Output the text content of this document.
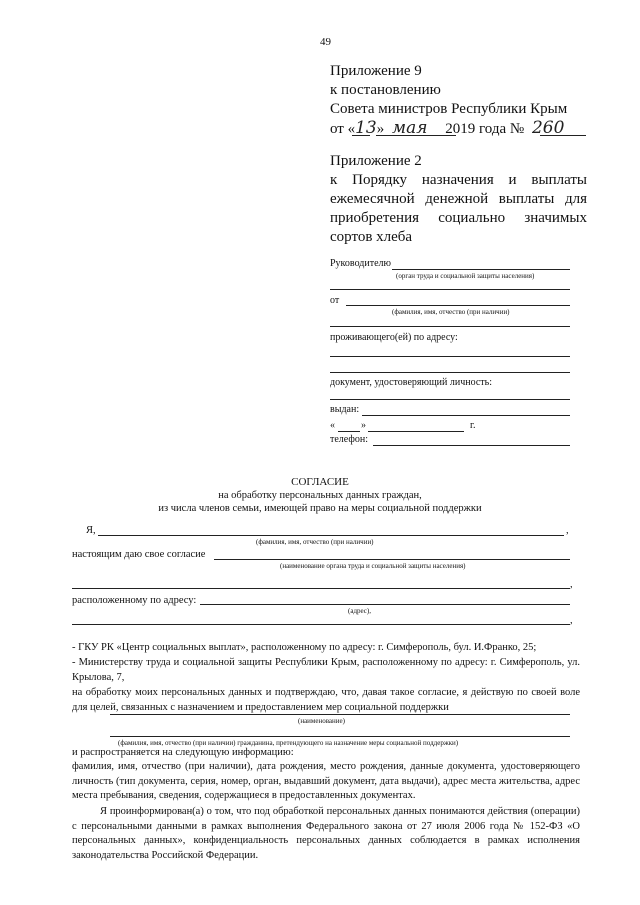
49
Приложение 9
к постановлению
Совета министров Республики Крым
от «13» мая 2019 года № 260
Приложение 2
к Порядку назначения и выплаты ежемесячной денежной выплаты для приобретения социально значимых сортов хлеба
Руководителю
(орган труда и социальной защиты населения)
от
(фамилия, имя, отчество (при наличии)
проживающего(ей) по адресу:
документ, удостоверяющий личность:
выдан:
«	»	г.
телефон:
СОГЛАСИЕ
на обработку персональных данных граждан,
из числа членов семьи, имеющей право на меры социальной поддержки
Я,	,
(фамилия, имя, отчество (при наличии)
настоящим даю свое согласие
(наименование органа труда и социальной защиты населения)
,
расположенному по адресу:
(адрес),
,
- ГКУ РК «Центр социальных выплат», расположенному по адресу: г. Симферополь, бул. И.Франко, 25;
- Министерству труда и социальной защиты Республики Крым, расположенному по адресу: г. Симферополь, ул. Крылова, 7,
на обработку моих персональных данных и подтверждаю, что, давая такое согласие, я действую по своей воле для целей, связанных с назначением и предоставлением мер социальной поддержки
(наименование)
(фамилия, имя, отчество (при наличии) гражданина, претендующего на назначение меры социальной поддержки)
и распространяется на следующую информацию:
фамилия, имя, отчество (при наличии), дата рождения, место рождения, данные документа, удостоверяющего личность (тип документа, серия, номер, орган, выдавший документ, дата выдачи), адрес места жительства, адрес места пребывания, сведения, содержащиеся в предоставленных документах.
Я проинформирован(а) о том, что под обработкой персональных данных понимаются действия (операции) с персональными данными в рамках выполнения Федерального закона от 27 июля 2006 года № 152-ФЗ «О персональных данных», конфиденциальность персональных данных соблюдается в рамках исполнения законодательства Российской Федерации.
